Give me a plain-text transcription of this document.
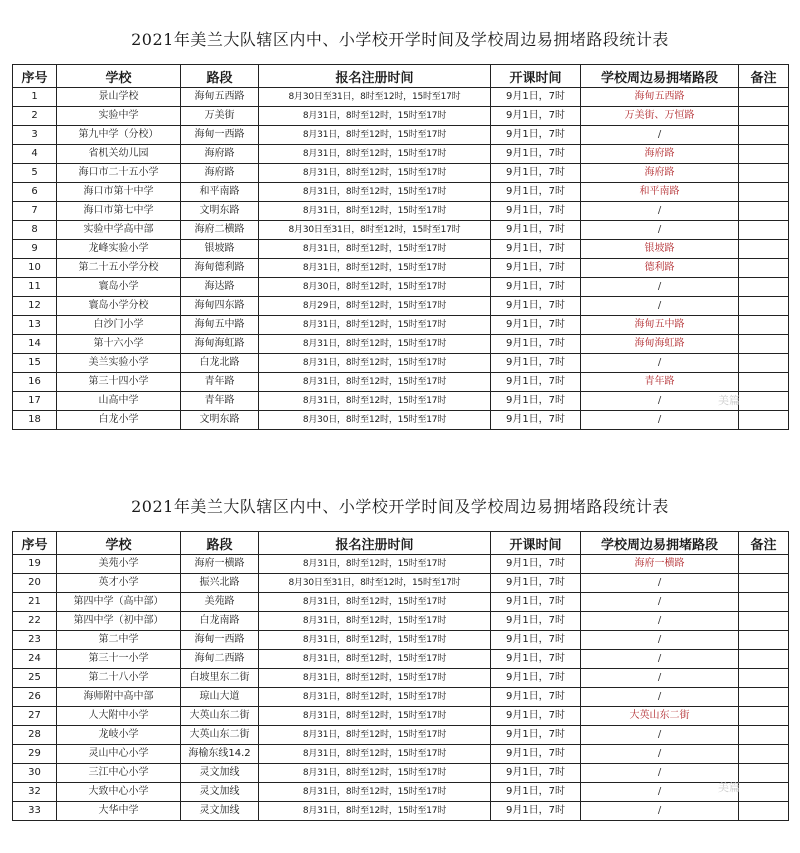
2021年美兰大队辖区内中、小学校开学时间及学校周边易拥堵路段统计表
序号	学校	路段	报名注册时间	开课时间	学校周边易拥堵路段	备注
1	景山学校	海甸五西路	8月30日至31日，8时至12时，15时至17时	9月1日，7时	海甸五西路	
2	实验中学	万美街	8月31日，8时至12时，15时至17时	9月1日，7时	万美街、万恒路	
3	第九中学（分校）	海甸一西路	8月31日，8时至12时，15时至17时	9月1日，7时	/	
4	省机关幼儿园	海府路	8月31日，8时至12时，15时至17时	9月1日，7时	海府路	
5	海口市二十五小学	海府路	8月31日，8时至12时，15时至17时	9月1日，7时	海府路	
6	海口市第十中学	和平南路	8月31日，8时至12时，15时至17时	9月1日，7时	和平南路	
7	海口市第七中学	文明东路	8月31日，8时至12时，15时至17时	9月1日，7时	/	
8	实验中学高中部	海府二横路	8月30日至31日，8时至12时，15时至17时	9月1日，7时	/	
9	龙峰实验小学	银坡路	8月31日，8时至12时，15时至17时	9月1日，7时	银坡路	
10	第二十五小学分校	海甸德利路	8月31日，8时至12时，15时至17时	9月1日，7时	德利路	
11	寰岛小学	海达路	8月30日，8时至12时，15时至17时	9月1日，7时	/	
12	寰岛小学分校	海甸四东路	8月29日，8时至12时，15时至17时	9月1日，7时	/	
13	白沙门小学	海甸五中路	8月31日，8时至12时，15时至17时	9月1日，7时	海甸五中路	
14	第十六小学	海甸海虹路	8月31日，8时至12时，15时至17时	9月1日，7时	海甸海虹路	
15	美兰实验小学	白龙北路	8月31日，8时至12时，15时至17时	9月1日，7时	/	
16	第三十四小学	青年路	8月31日，8时至12时，15时至17时	9月1日，7时	青年路	
17	山高中学	青年路	8月31日，8时至12时，15时至17时	9月1日，7时	/	
18	白龙小学	文明东路	8月30日，8时至12时，15时至17时	9月1日，7时	/	
2021年美兰大队辖区内中、小学校开学时间及学校周边易拥堵路段统计表
序号	学校	路段	报名注册时间	开课时间	学校周边易拥堵路段	备注
19	美苑小学	海府一横路	8月31日，8时至12时，15时至17时	9月1日，7时	海府一横路	
20	英才小学	振兴北路	8月30日至31日，8时至12时，15时至17时	9月1日，7时	/	
21	第四中学（高中部）	美苑路	8月31日，8时至12时，15时至17时	9月1日，7时	/	
22	第四中学（初中部）	白龙南路	8月31日，8时至12时，15时至17时	9月1日，7时	/	
23	第二中学	海甸一西路	8月31日，8时至12时，15时至17时	9月1日，7时	/	
24	第三十一小学	海甸二西路	8月31日，8时至12时，15时至17时	9月1日，7时	/	
25	第二十八小学	白坡里东二街	8月31日，8时至12时，15时至17时	9月1日，7时	/	
26	海师附中高中部	琼山大道	8月31日，8时至12时，15时至17时	9月1日，7时	/	
27	人大附中小学	大英山东二街	8月31日，8时至12时，15时至17时	9月1日，7时	大英山东二街	
28	龙岐小学	大英山东二街	8月31日，8时至12时，15时至17时	9月1日，7时	/	
29	灵山中心小学	海榆东线14.2	8月31日，8时至12时，15时至17时	9月1日，7时	/	
30	三江中心小学	灵文加线	8月31日，8时至12时，15时至17时	9月1日，7时	/	
32	大致中心小学	灵文加线	8月31日，8时至12时，15时至17时	9月1日，7时	/	
33	大华中学	灵文加线	8月31日，8时至12时，15时至17时	9月1日，7时	/	
美篇
美篇
